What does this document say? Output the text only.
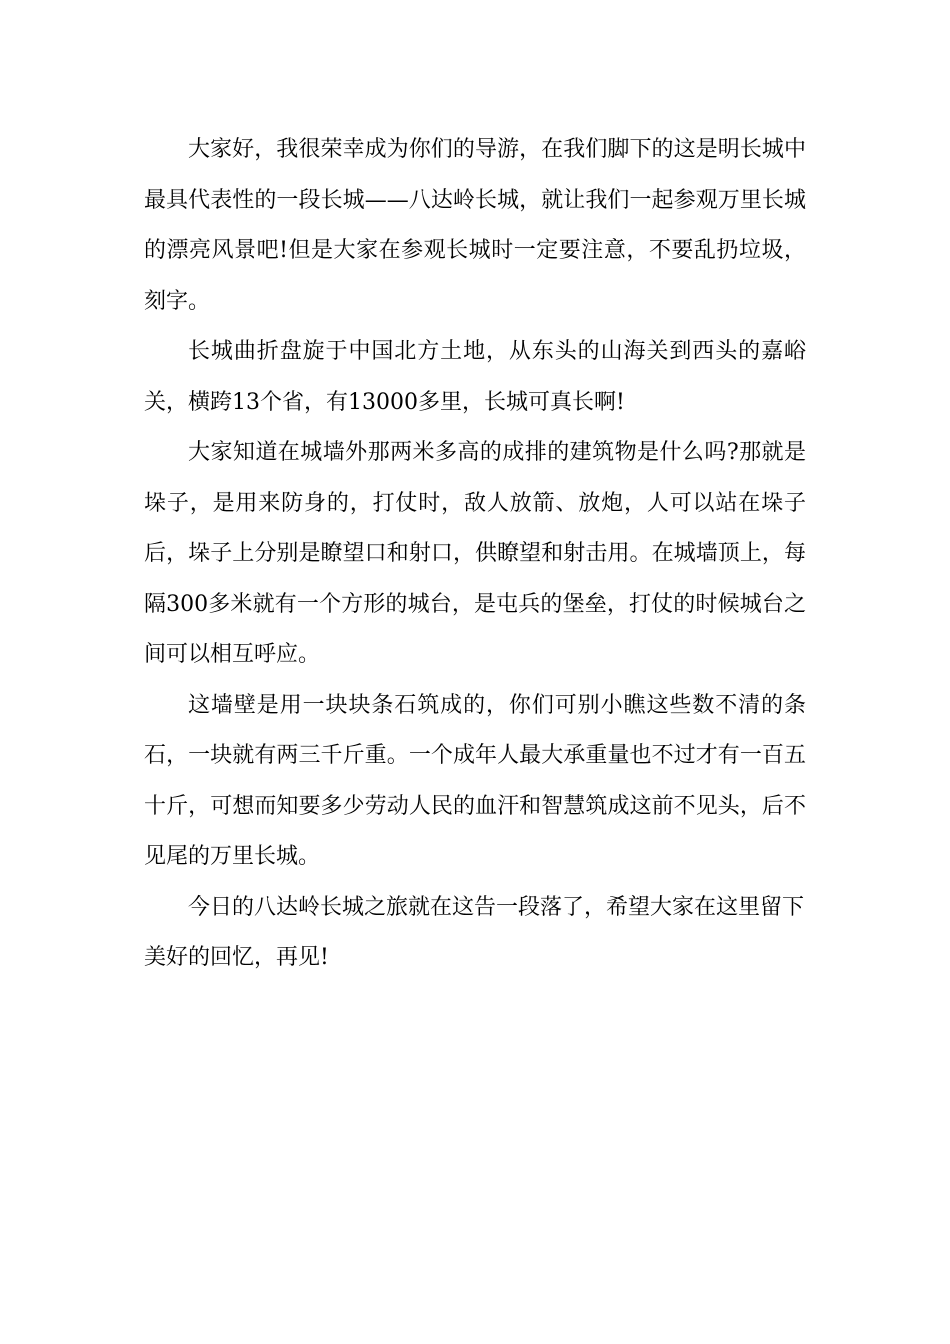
大家好，我很荣幸成为你们的导游，在我们脚下的这是明长城中最具代表性的一段长城——八达岭长城，就让我们一起参观万里长城的漂亮风景吧!但是大家在参观长城时一定要注意，不要乱扔垃圾，刻字。

长城曲折盘旋于中国北方土地，从东头的山海关到西头的嘉峪关，横跨13个省，有13000多里，长城可真长啊!

大家知道在城墙外那两米多高的成排的建筑物是什么吗?那就是垛子，是用来防身的，打仗时，敌人放箭、放炮，人可以站在垛子后，垛子上分别是瞭望口和射口，供瞭望和射击用。在城墙顶上，每隔300多米就有一个方形的城台，是屯兵的堡垒，打仗的时候城台之间可以相互呼应。

这墙壁是用一块块条石筑成的，你们可别小瞧这些数不清的条石，一块就有两三千斤重。一个成年人最大承重量也不过才有一百五十斤，可想而知要多少劳动人民的血汗和智慧筑成这前不见头，后不见尾的万里长城。

今日的八达岭长城之旅就在这告一段落了，希望大家在这里留下美好的回忆，再见!
